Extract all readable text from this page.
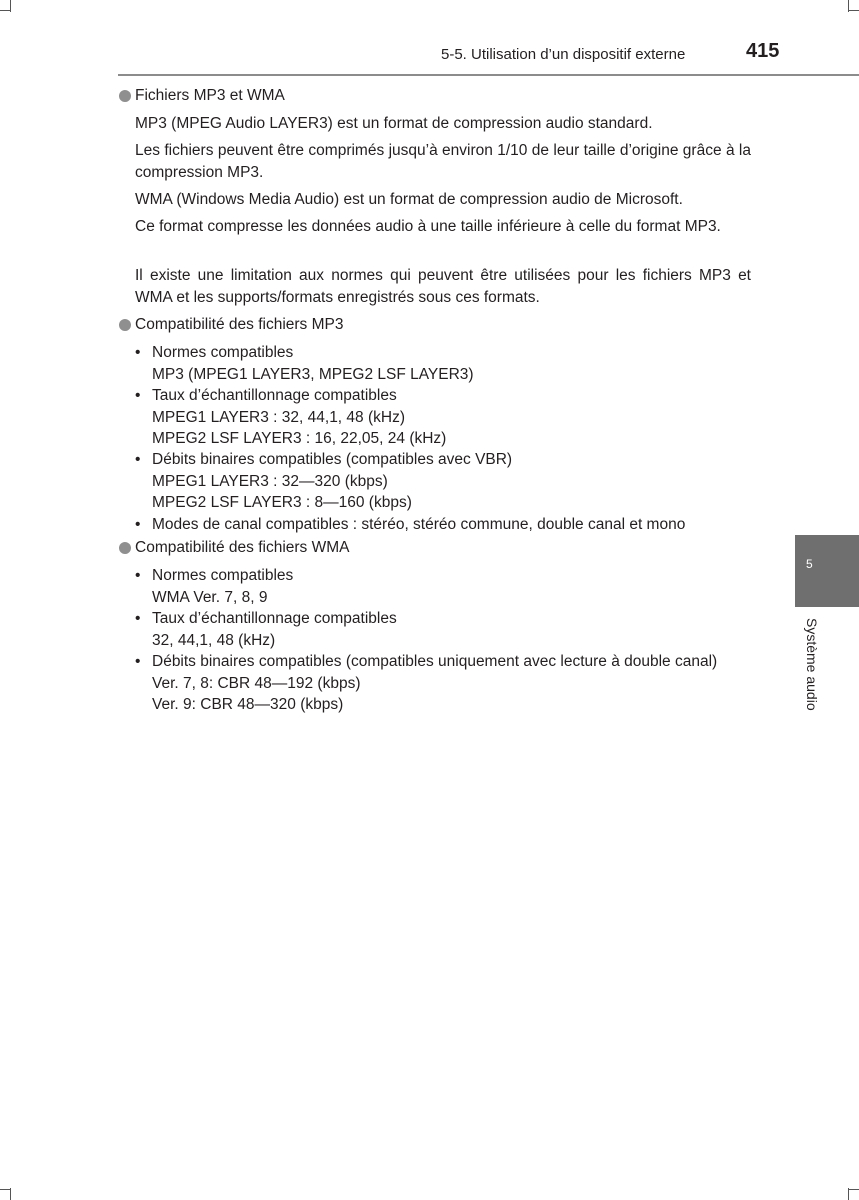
5-5. Utilisation d’un dispositif externe	415
5
Système audio
Fichiers MP3 et WMA
MP3 (MPEG Audio LAYER3) est un format de compression audio standard.
Les fichiers peuvent être comprimés jusqu’à environ 1/10 de leur taille d’origine grâce à la compression MP3.
WMA (Windows Media Audio) est un format de compression audio de Microsoft.
Ce format compresse les données audio à une taille inférieure à celle du format MP3.
Il existe une limitation aux normes qui peuvent être utilisées pour les fichiers MP3 et WMA et les supports/formats enregistrés sous ces formats.
Compatibilité des fichiers MP3
• Normes compatibles
MP3 (MPEG1 LAYER3, MPEG2 LSF LAYER3)
• Taux d’échantillonnage compatibles
MPEG1 LAYER3 : 32, 44,1, 48 (kHz)
MPEG2 LSF LAYER3 : 16, 22,05, 24 (kHz)
• Débits binaires compatibles (compatibles avec VBR)
MPEG1 LAYER3 : 32—320 (kbps)
MPEG2 LSF LAYER3 : 8—160 (kbps)
• Modes de canal compatibles : stéréo, stéréo commune, double canal et mono
Compatibilité des fichiers WMA
• Normes compatibles
WMA Ver. 7, 8, 9
• Taux d’échantillonnage compatibles
32, 44,1, 48 (kHz)
• Débits binaires compatibles (compatibles uniquement avec lecture à double canal)
Ver. 7, 8: CBR 48—192 (kbps)
Ver. 9: CBR 48—320 (kbps)
